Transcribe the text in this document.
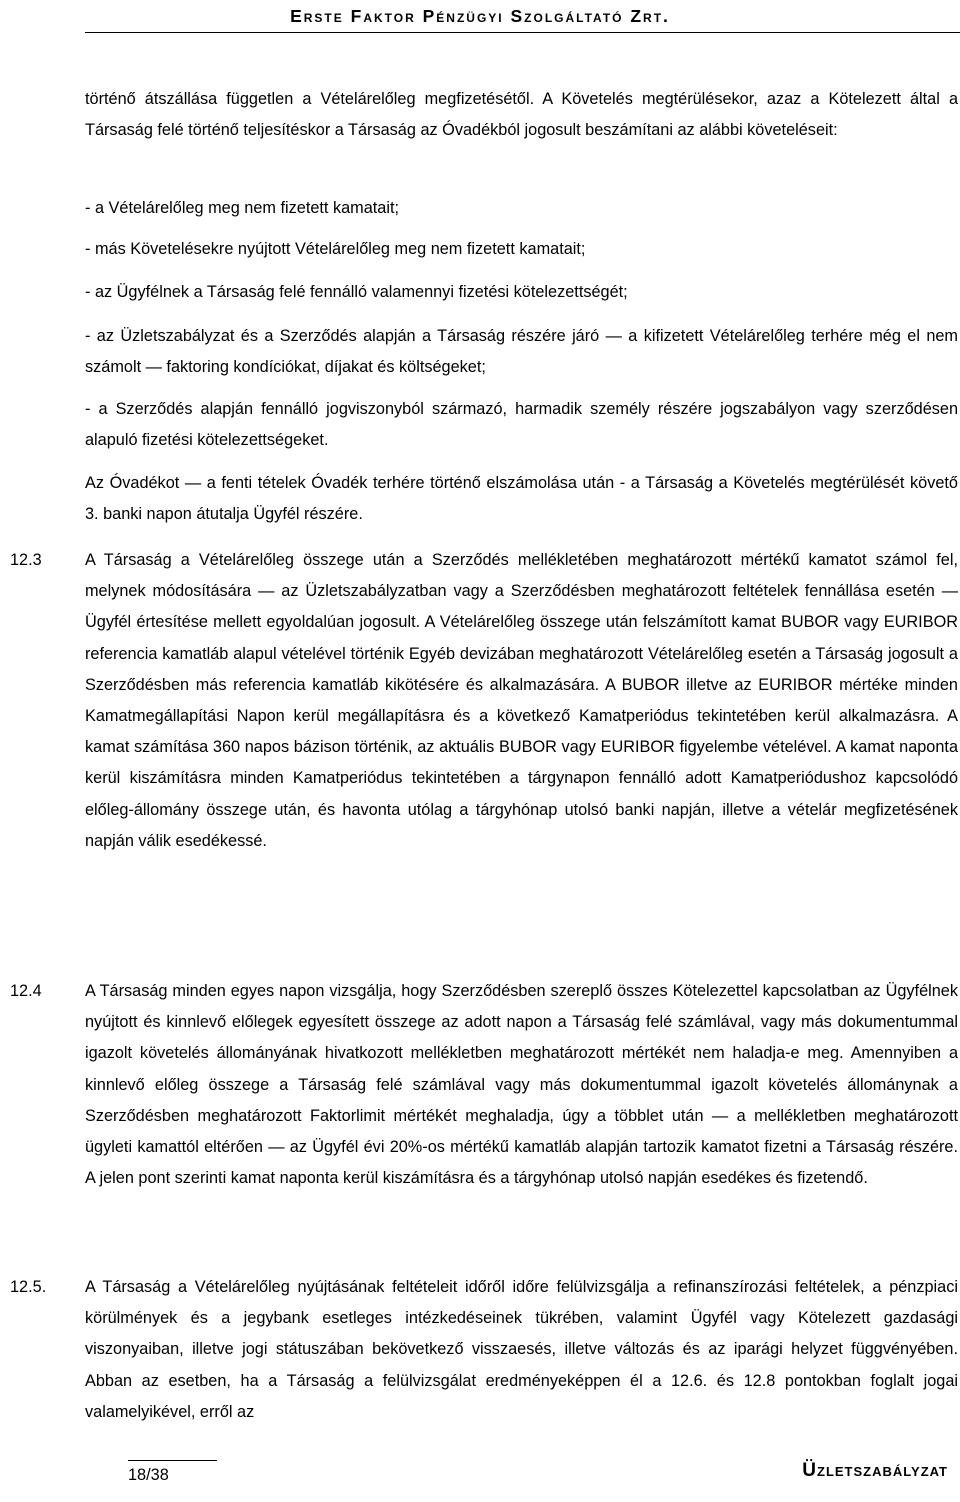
Erste Faktor Pénzügyi Szolgáltató Zrt.

történő átszállása független a Vételárelőleg megfizetésétől. A Követelés megtérülésekor, azaz a Kötelezett által a Társaság felé történő teljesítéskor a Társaság az Óvadékból jogosult beszámítani az alábbi követeléseit:

- a Vételárelőleg meg nem fizetett kamatait;

- más Követelésekre nyújtott Vételárelőleg meg nem fizetett kamatait;

- az Ügyfélnek a Társaság felé fennálló valamennyi fizetési kötelezettségét;

- az Üzletszabályzat és a Szerződés alapján a Társaság részére járó — a kifizetett Vételárelőleg terhére még el nem számolt — faktoring kondíciókat, díjakat és költségeket;

- a Szerződés alapján fennálló jogviszonyból származó, harmadik személy részére jogszabályon vagy szerződésen alapuló fizetési kötelezettségeket.

Az Óvadékot — a fenti tételek Óvadék terhére történő elszámolása után - a Társaság a Követelés megtérülését követő 3. banki napon átutalja Ügyfél részére.

12.3	A Társaság a Vételárelőleg összege után a Szerződés mellékletében meghatározott mértékű kamatot számol fel, melynek módosítására — az Üzletszabályzatban vagy a Szerződésben meghatározott feltételek fennállása esetén — Ügyfél értesítése mellett egyoldalúan jogosult. A Vételárelőleg összege után felszámított kamat BUBOR vagy EURIBOR referencia kamatláb alapul vételével történik Egyéb devizában meghatározott Vételárelőleg esetén a Társaság jogosult a Szerződésben más referencia kamatláb kikötésére és alkalmazására. A BUBOR illetve az EURIBOR mértéke minden Kamatmegállapítási Napon kerül megállapításra és a következő Kamatperiódus tekintetében kerül alkalmazásra. A kamat számítása 360 napos bázison történik, az aktuális BUBOR vagy EURIBOR figyelembe vételével. A kamat naponta kerül kiszámításra minden Kamatperiódus tekintetében a tárgynapon fennálló adott Kamatperiódushoz kapcsolódó előleg-állomány összege után, és havonta utólag a tárgyhónap utolsó banki napján, illetve a vételár megfizetésének napján válik esedékessé.

12.4	A Társaság minden egyes napon vizsgálja, hogy Szerződésben szereplő összes Kötelezettel kapcsolatban az Ügyfélnek nyújtott és kinnlevő előlegek egyesített összege az adott napon a Társaság felé számlával, vagy más dokumentummal igazolt követelés állományának hivatkozott mellékletben meghatározott mértékét nem haladja-e meg. Amennyiben a kinnlevő előleg összege a Társaság felé számlával vagy más dokumentummal igazolt követelés állománynak a Szerződésben meghatározott Faktorlimit mértékét meghaladja, úgy a többlet után — a mellékletben meghatározott ügyleti kamattól eltérően — az Ügyfél évi 20%-os mértékű kamatláb alapján tartozik kamatot fizetni a Társaság részére. A jelen pont szerinti kamat naponta kerül kiszámításra és a tárgyhónap utolsó napján esedékes és fizetendő.

12.5. A Társaság a Vételárelőleg nyújtásának feltételeit időről időre felülvizsgálja a refinanszírozási feltételek, a pénzpiaci körülmények és a jegybank esetleges intézkedéseinek tükrében, valamint Ügyfél vagy Kötelezett gazdasági viszonyaiban, illetve jogi státuszában bekövetkező visszaesés, illetve változás és az iparági helyzet függvényében. Abban az esetben, ha a Társaság a felülvizsgálat eredményeképpen él a 12.6. és 12.8 pontokban foglalt jogai valamelyikével, erről az

18/38	Üzletszabályzat
